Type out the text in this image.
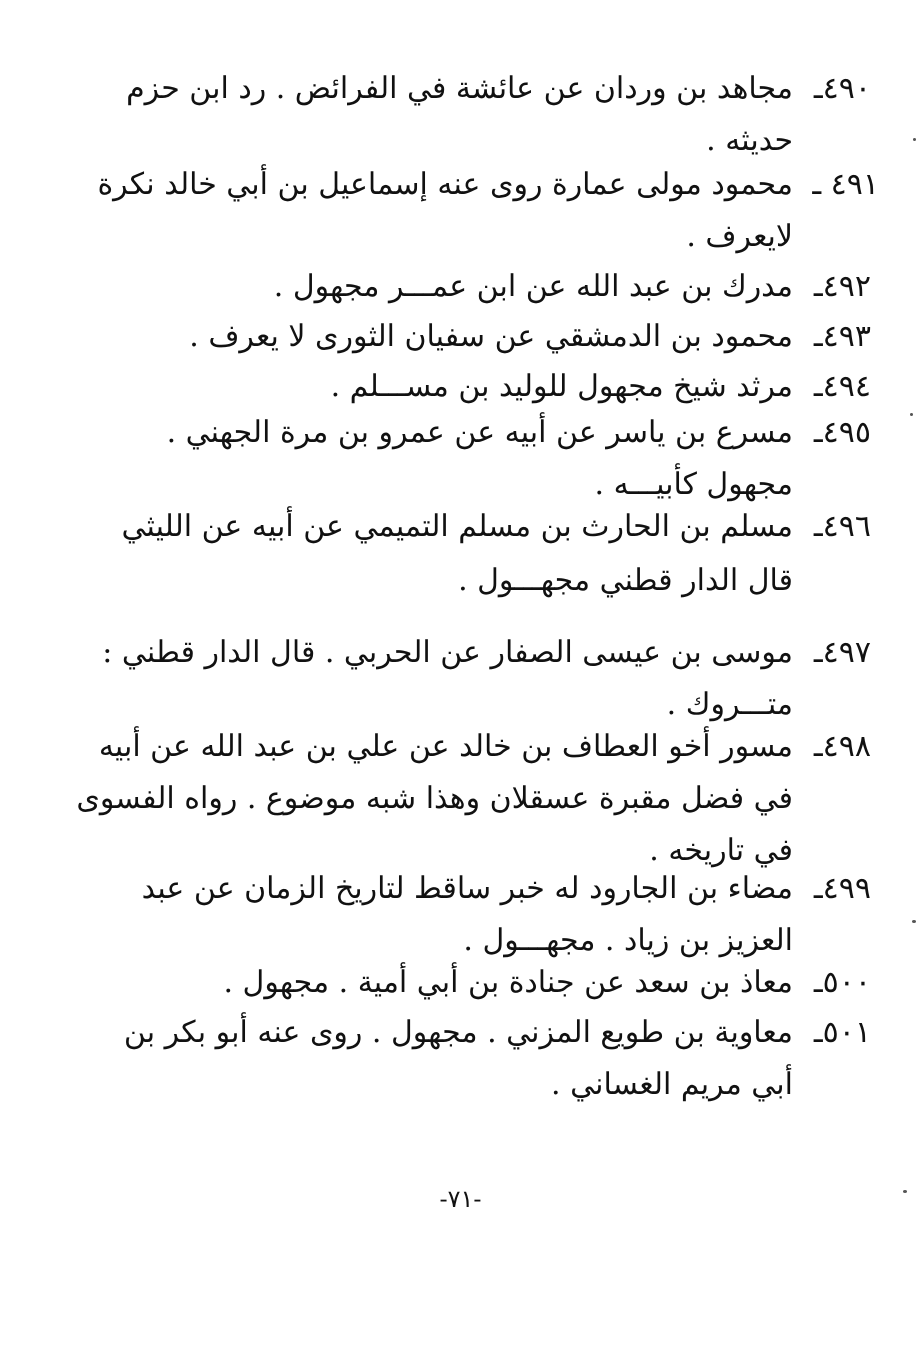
٤٩٠ـ
مجاهد بن وردان عن عائشة في الفرائض . رد ابن حزم
حديثه .
٤٩١ ـ
محمود مولى عمارة روى عنه إسماعيل بن أبي خالد نكرة
لايعرف .
٤٩٢ـ
مدرك بن عبد الله عن ابن عمـــر مجهول .
٤٩٣ـ
محمود بن الدمشقي عن سفيان الثورى لا يعرف .
٤٩٤ـ
مرثد شيخ مجهول للوليد بن مســـلم .
٤٩٥ـ
مسرع بن ياسر عن أبيه عن عمرو بن مرة الجهني .
مجهول كأبيـــه .
٤٩٦ـ
مسلم بن الحارث بن مسلم التميمي عن أبيه عن الليثي
قال الدار قطني مجهـــول .
٤٩٧ـ
موسى بن عيسى الصفار عن الحربي . قال الدار قطني :
متـــروك .
٤٩٨ـ
مسور أخو العطاف بن خالد عن علي بن عبد الله عن أبيه
في فضل مقبرة عسقلان وهذا شبه موضوع . رواه الفسوى
في تاريخه .
٤٩٩ـ
مضاء بن الجارود له خبر ساقط لتاريخ الزمان عن عبد
العزيز بن زياد . مجهـــول .
٥٠٠ـ
معاذ بن سعد عن جنادة بن أبي أمية . مجهول .
٥٠١ـ
معاوية بن طويع المزني . مجهول . روى عنه أبو بكر بن
أبي مريم الغساني .
-٧١-
